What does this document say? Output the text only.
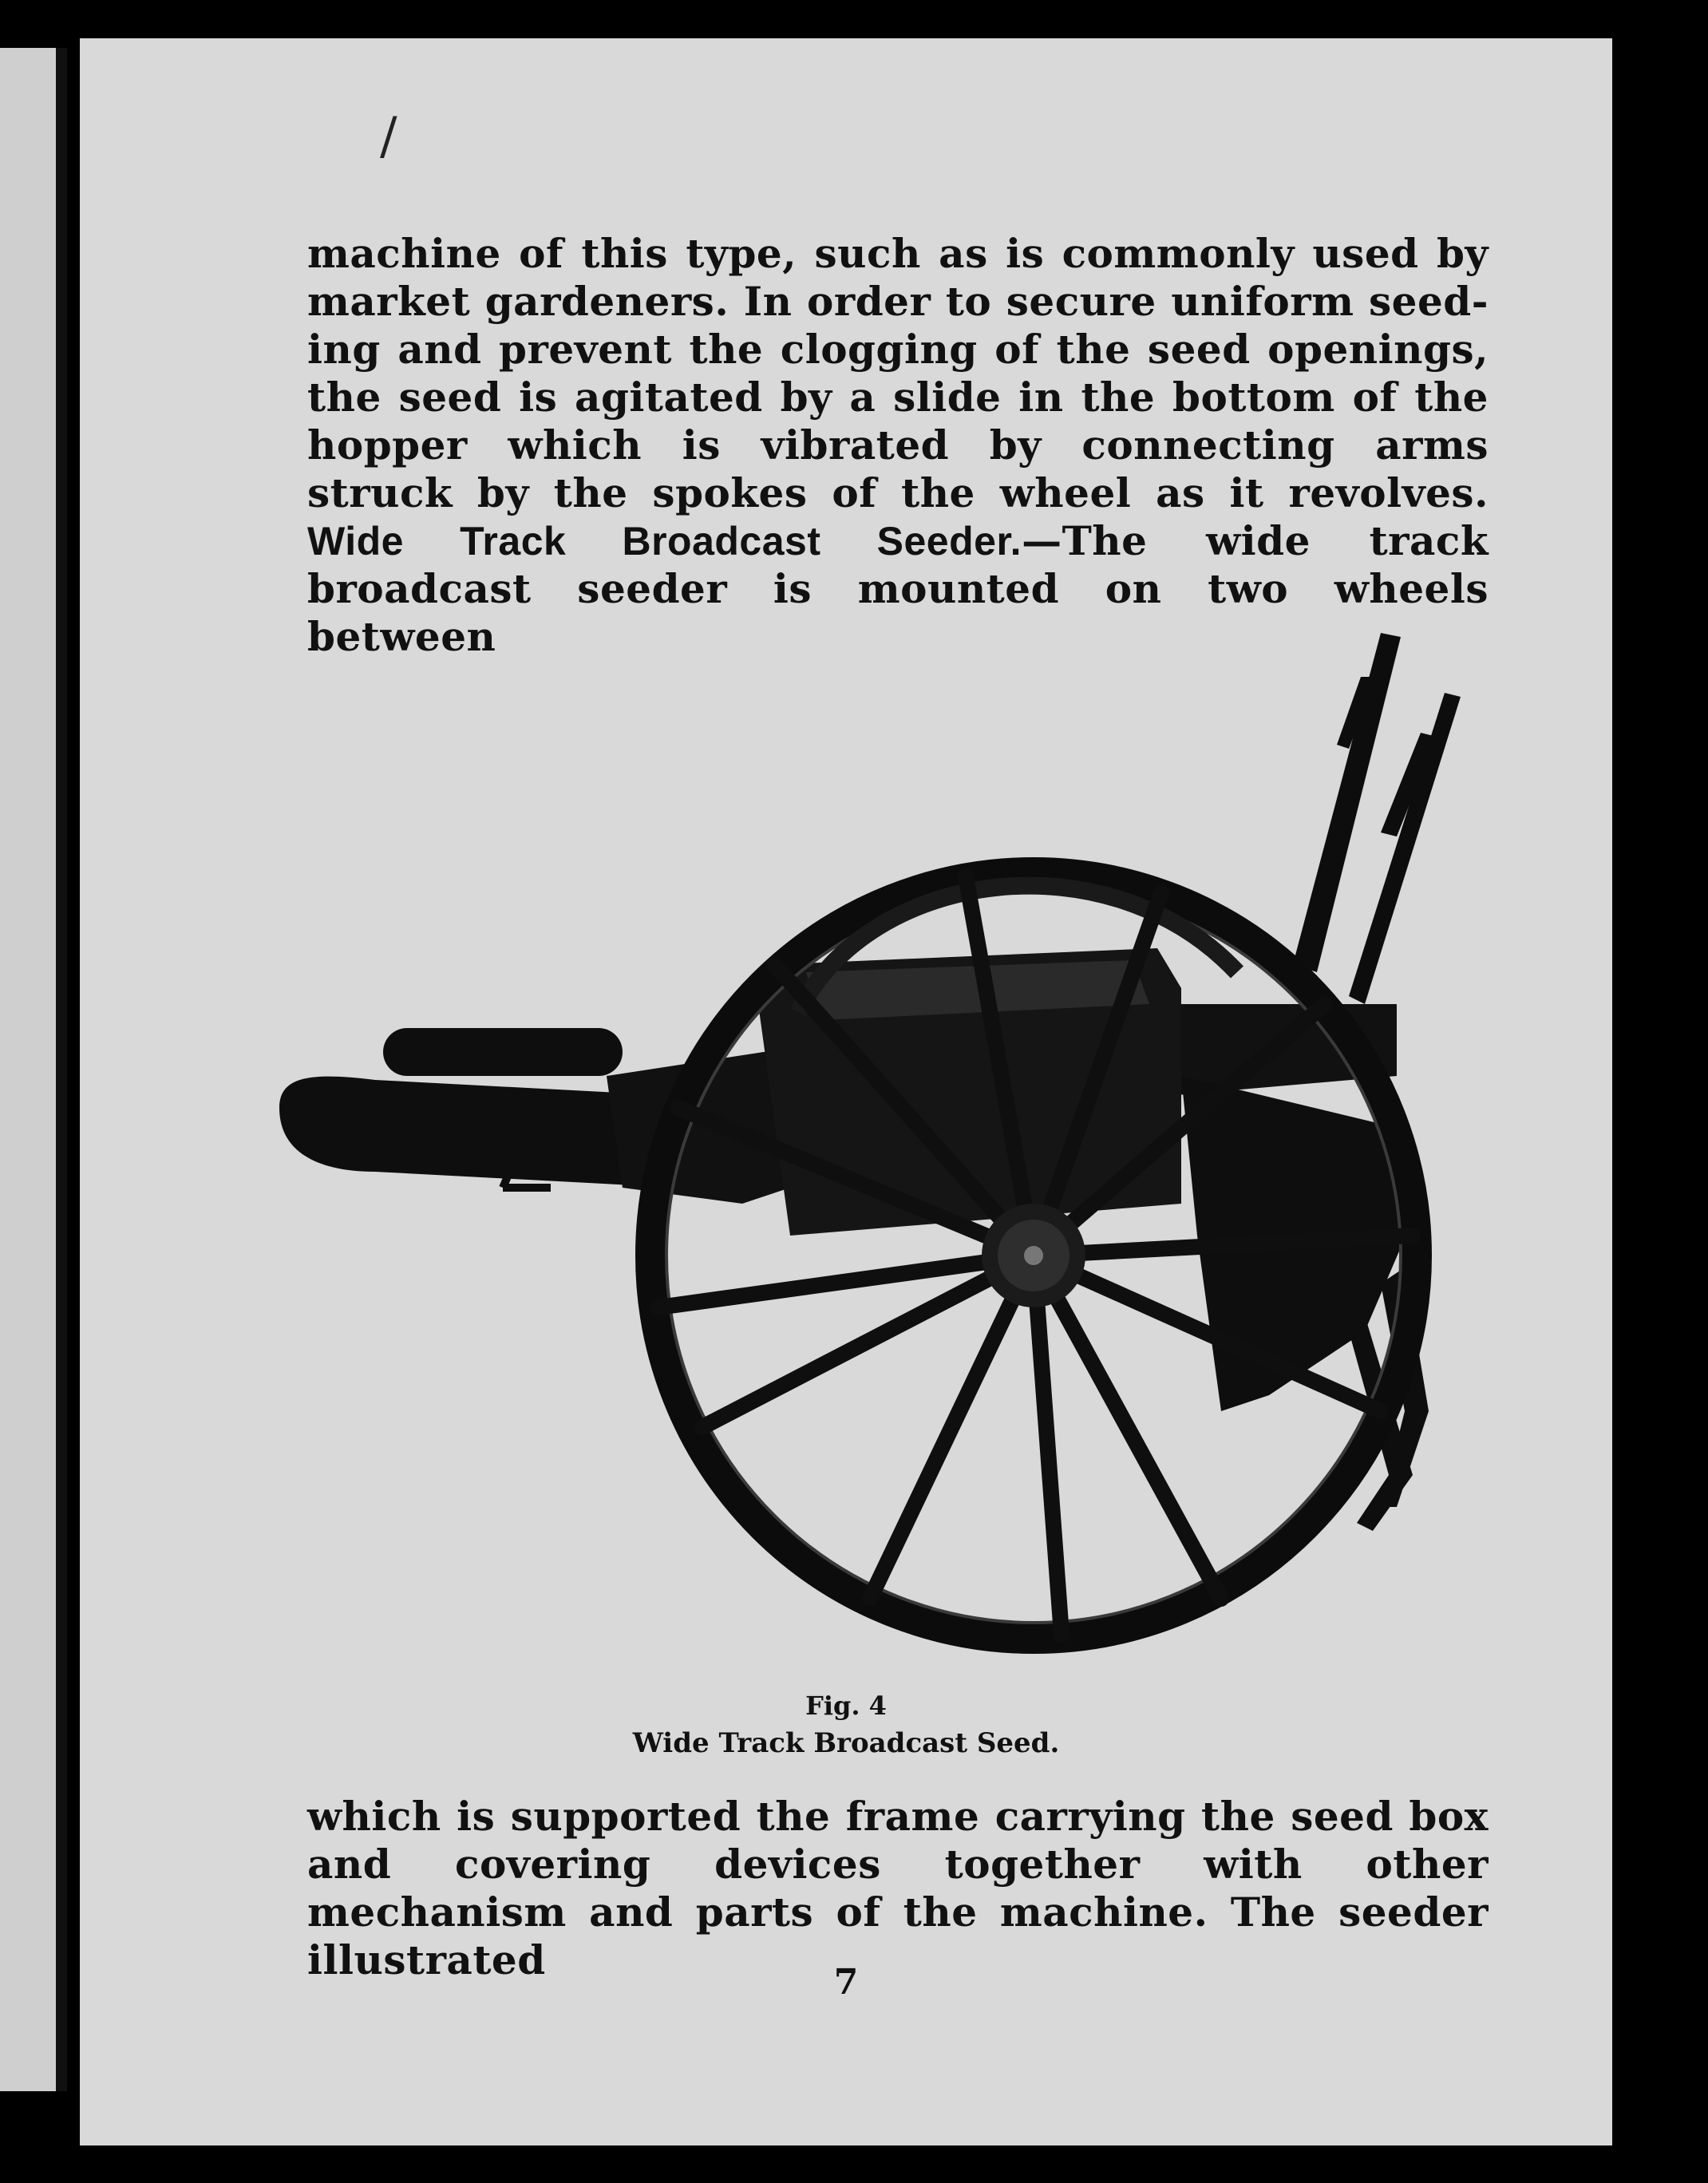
/
machine of this type, such as is commonly used by market gardeners. In order to secure uniform seed-ing and prevent the clogging of the seed openings, the seed is agitated by a slide in the bottom of the hopper which is vibrated by connecting arms struck by the spokes of the wheel as it revolves.
Wide Track Broadcast Seeder.—The wide track broadcast seeder is mounted on two wheels between
Fig. 4
Wide Track Broadcast Seed.
which is supported the frame carrying the seed box and covering devices together with other mechanism and parts of the machine. The seeder illustrated	7
